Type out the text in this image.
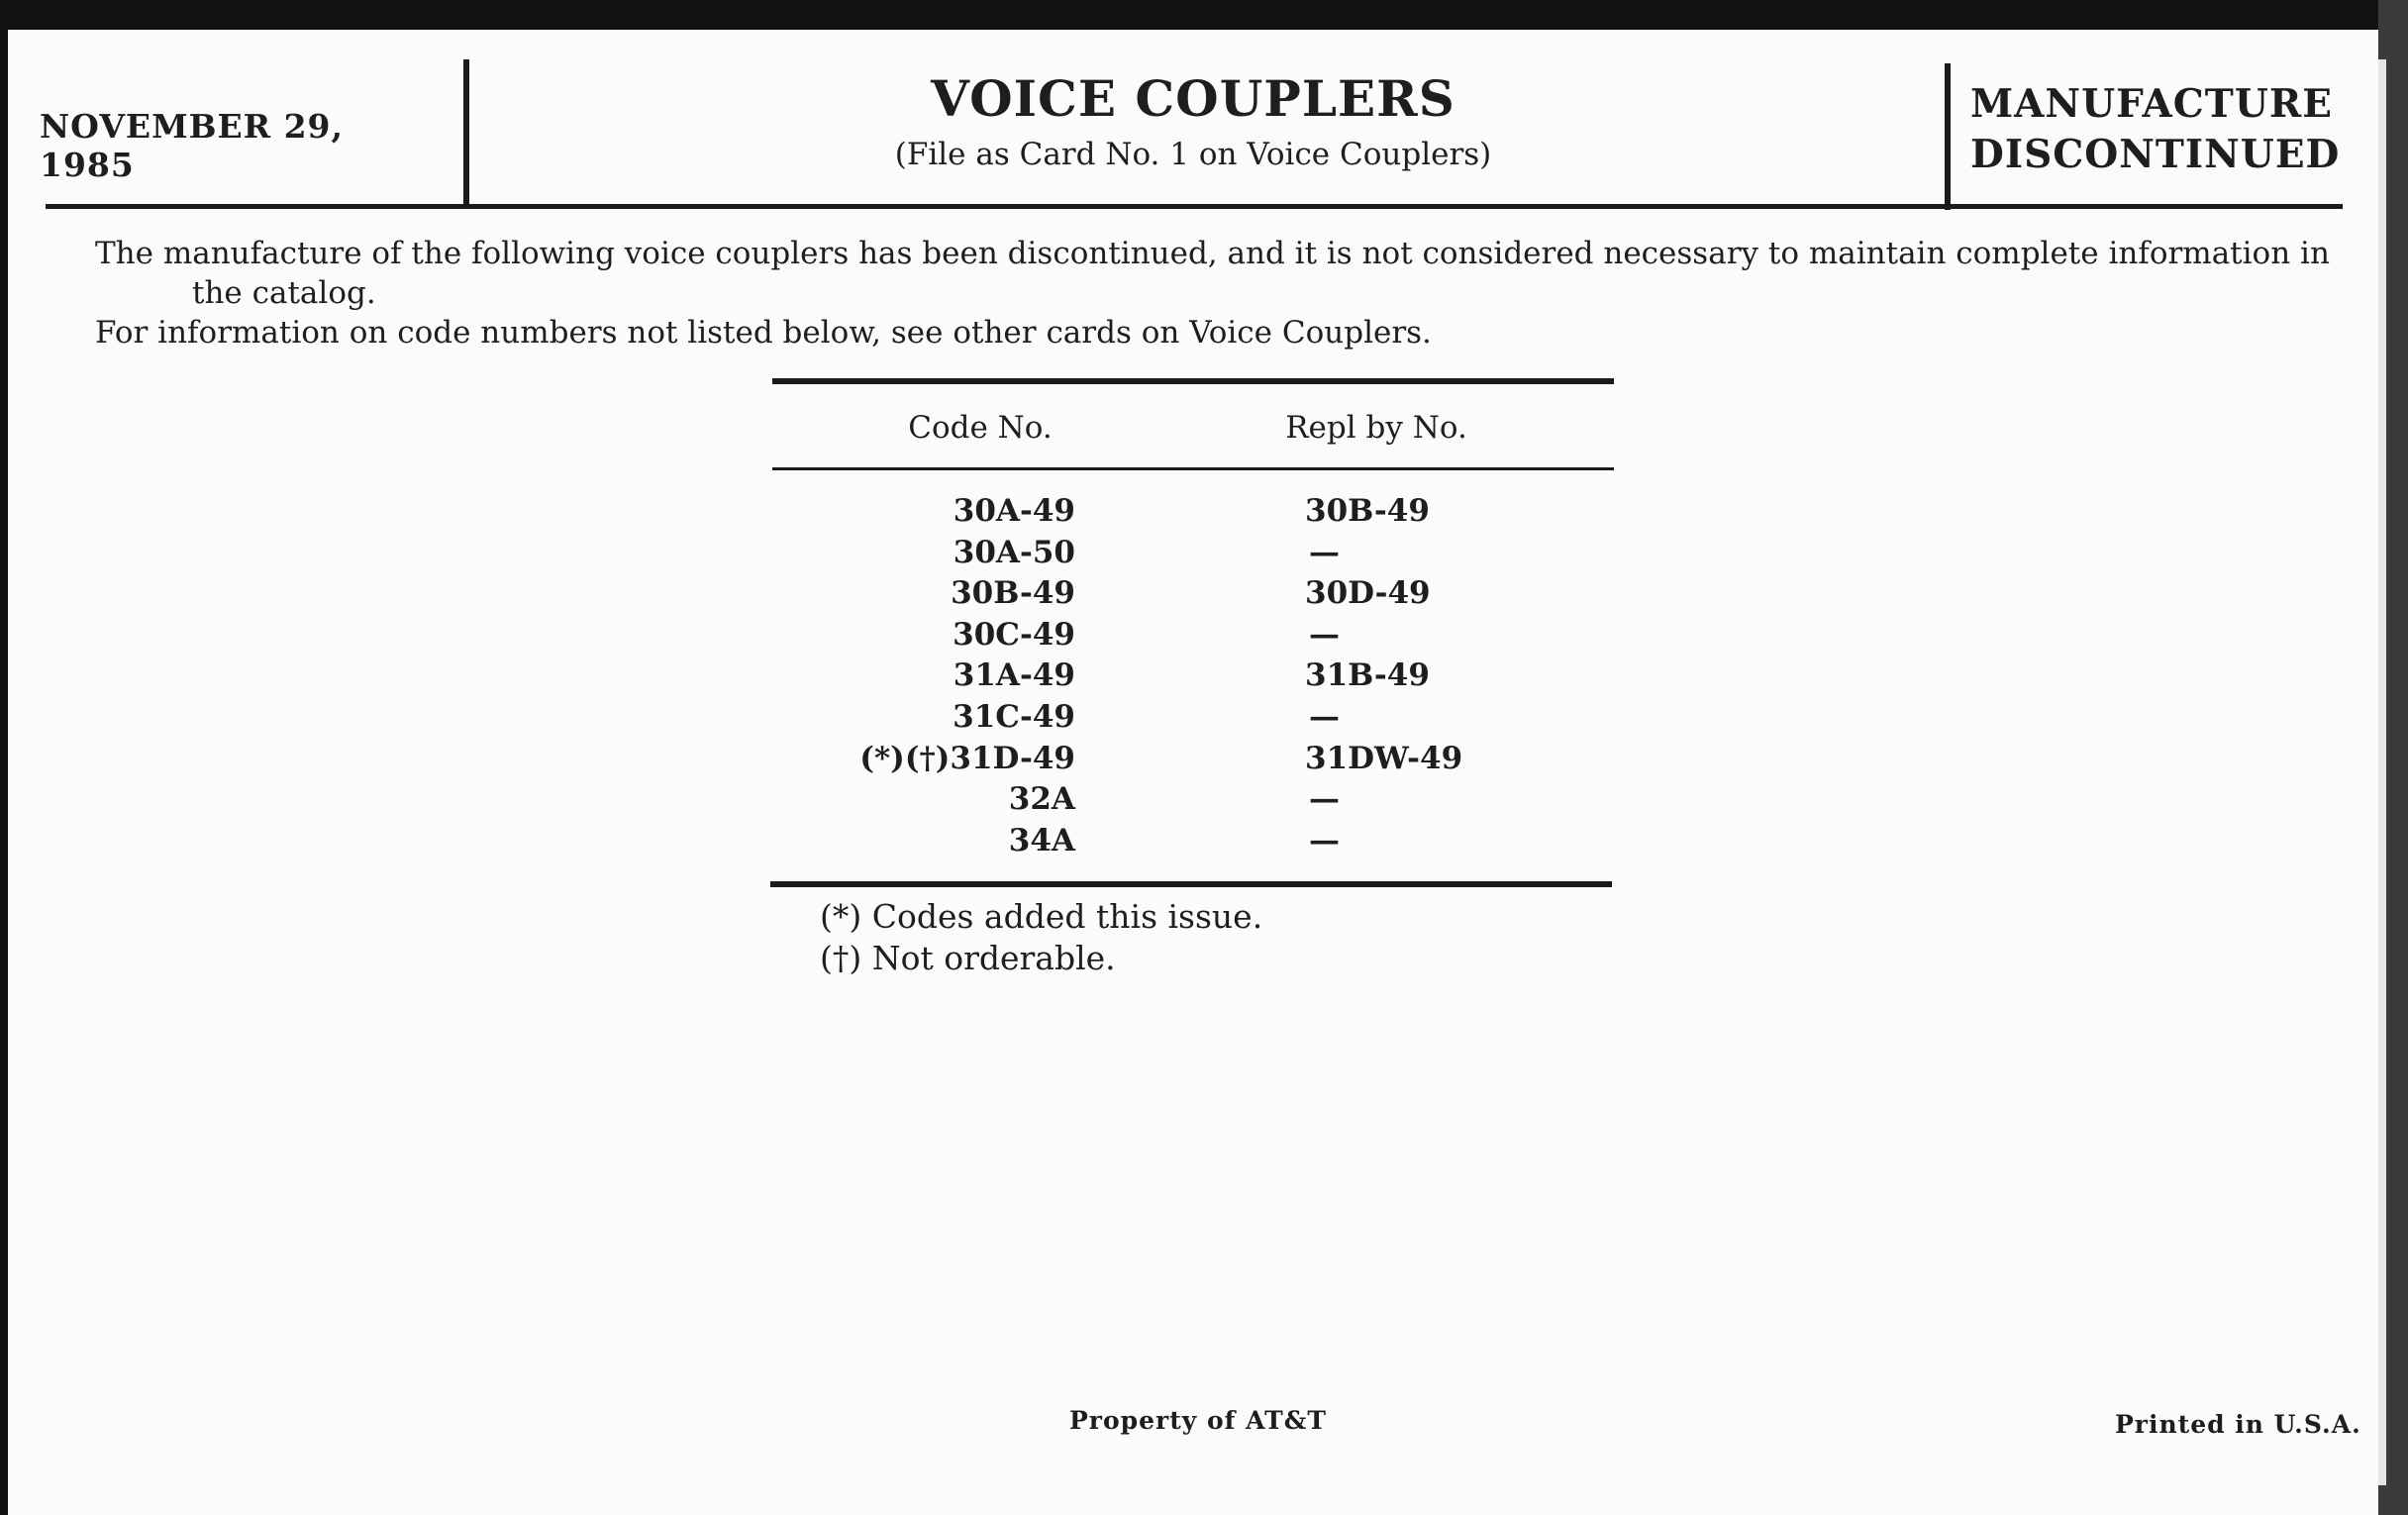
NOVEMBER 29, 1985
VOICE COUPLERS
(File as Card No. 1 on Voice Couplers)
MANUFACTURE
DISCONTINUED

The manufacture of the following voice couplers has been discontinued, and it is not considered necessary to maintain complete information in the catalog.

For information on code numbers not listed below, see other cards on Voice Couplers.

Code No.	Repl by No.
30A-49	30B-49
30A-50	—
30B-49	30D-49
30C-49	—
31A-49	31B-49
31C-49	—
(*)(†)31D-49	31DW-49
32A	—
34A	—
(*) Codes added this issue.
(†) Not orderable.
Property of AT&T	Printed in U.S.A.
